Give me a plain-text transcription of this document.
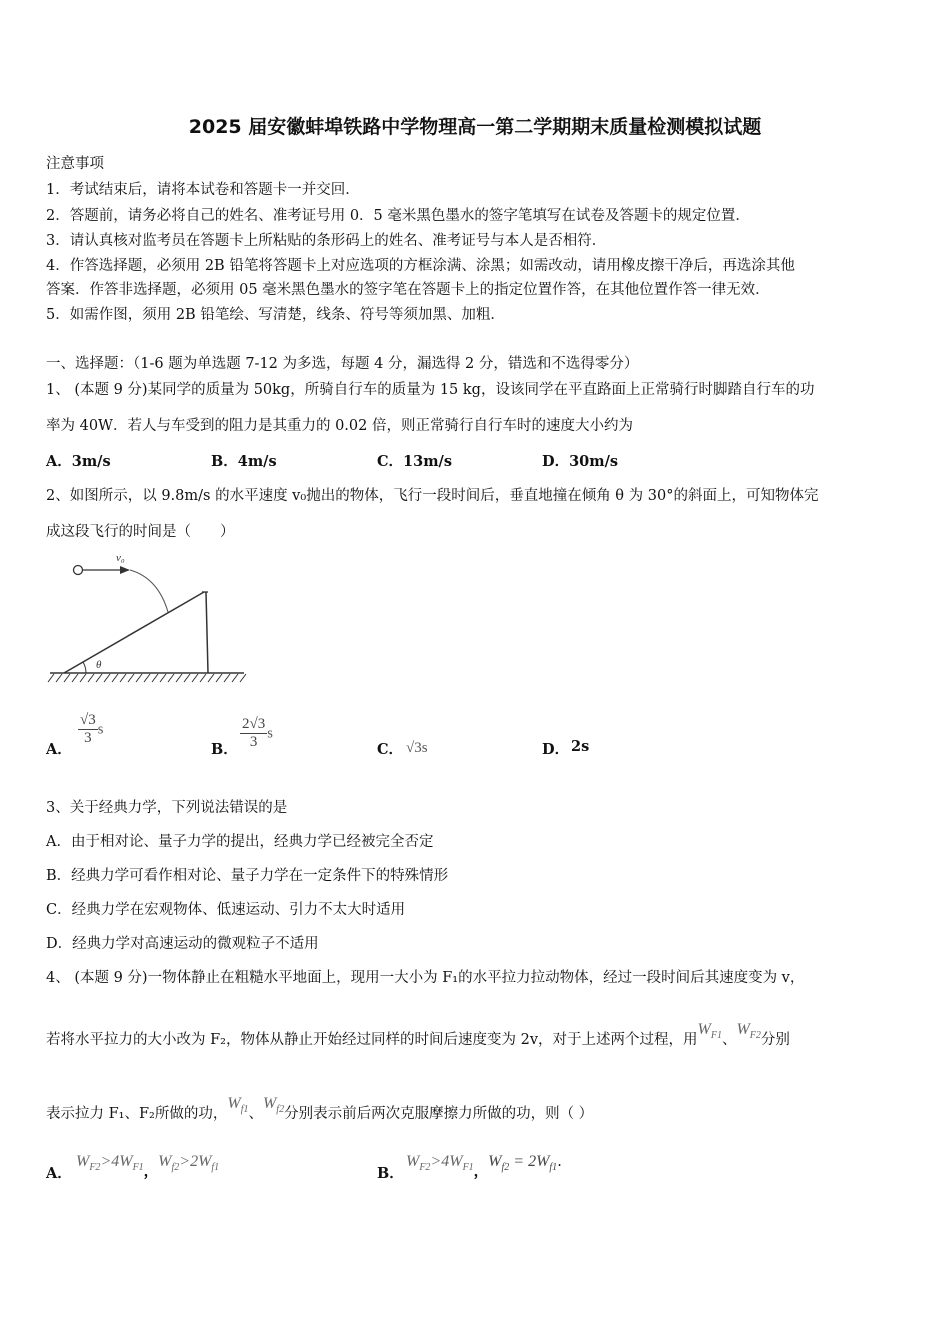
2025 届安徽蚌埠铁路中学物理高一第二学期期末质量检测模拟试题
注意事项
1．考试结束后，请将本试卷和答题卡一并交回．
2．答题前，请务必将自己的姓名、准考证号用 0．5 毫米黑色墨水的签字笔填写在试卷及答题卡的规定位置．
3．请认真核对监考员在答题卡上所粘贴的条形码上的姓名、准考证号与本人是否相符．
4．作答选择题，必须用 2B 铅笔将答题卡上对应选项的方框涂满、涂黑；如需改动，请用橡皮擦干净后，再选涂其他
答案．作答非选择题，必须用 05 毫米黑色墨水的签字笔在答题卡上的指定位置作答，在其他位置作答一律无效．
5．如需作图，须用 2B 铅笔绘、写清楚，线条、符号等须加黑、加粗．
一、选择题：（1-6 题为单选题 7-12 为多选，每题 4 分，漏选得 2 分，错选和不选得零分）
1、 (本题 9 分)某同学的质量为 50kg，所骑自行车的质量为 15 kg，设该同学在平直路面上正常骑行时脚踏自行车的功
率为 40W．若人与车受到的阻力是其重力的 0.02 倍，则正常骑行自行车时的速度大小约为
A．3m/s	B．4m/s	C．13m/s	D．30m/s
2、如图所示，以 9.8m/s 的水平速度 v₀抛出的物体，飞行一段时间后，垂直地撞在倾角 θ 为 30°的斜面上，可知物体完
成这段飞行的时间是（　　）
v₀
θ
A．
$\frac{√3}{3}$ s
B． $\frac{2√3}{3}$ s
C． √3s	D． 2s
3、关于经典力学，下列说法错误的是
A．由于相对论、量子力学的提出，经典力学已经被完全否定
B．经典力学可看作相对论、量子力学在一定条件下的特殊情形
C．经典力学在宏观物体、低速运动、引力不太大时适用
D．经典力学对高速运动的微观粒子不适用
4、 (本题 9 分)一物体静止在粗糙水平地面上，现用一大小为 F₁的水平拉力拉动物体，经过一段时间后其速度变为 v，
若将水平拉力的大小改为 F₂，物体从静止开始经过同样的时间后速度变为 2v，对于上述两个过程，用$W_{F1}$、$W_{F2}$分别
表示拉力 F₁、F₂所做的功，$W_{f1}$、$W_{f2}$分别表示前后两次克服摩擦力所做的功，则（ ）
A．
$W_{F2}>4W_{F1}$，$W_{f2}>2W_{f1}$	B．
$W_{F2}>4W_{F1}$，$W_{f2} = 2W_{f1}$.
